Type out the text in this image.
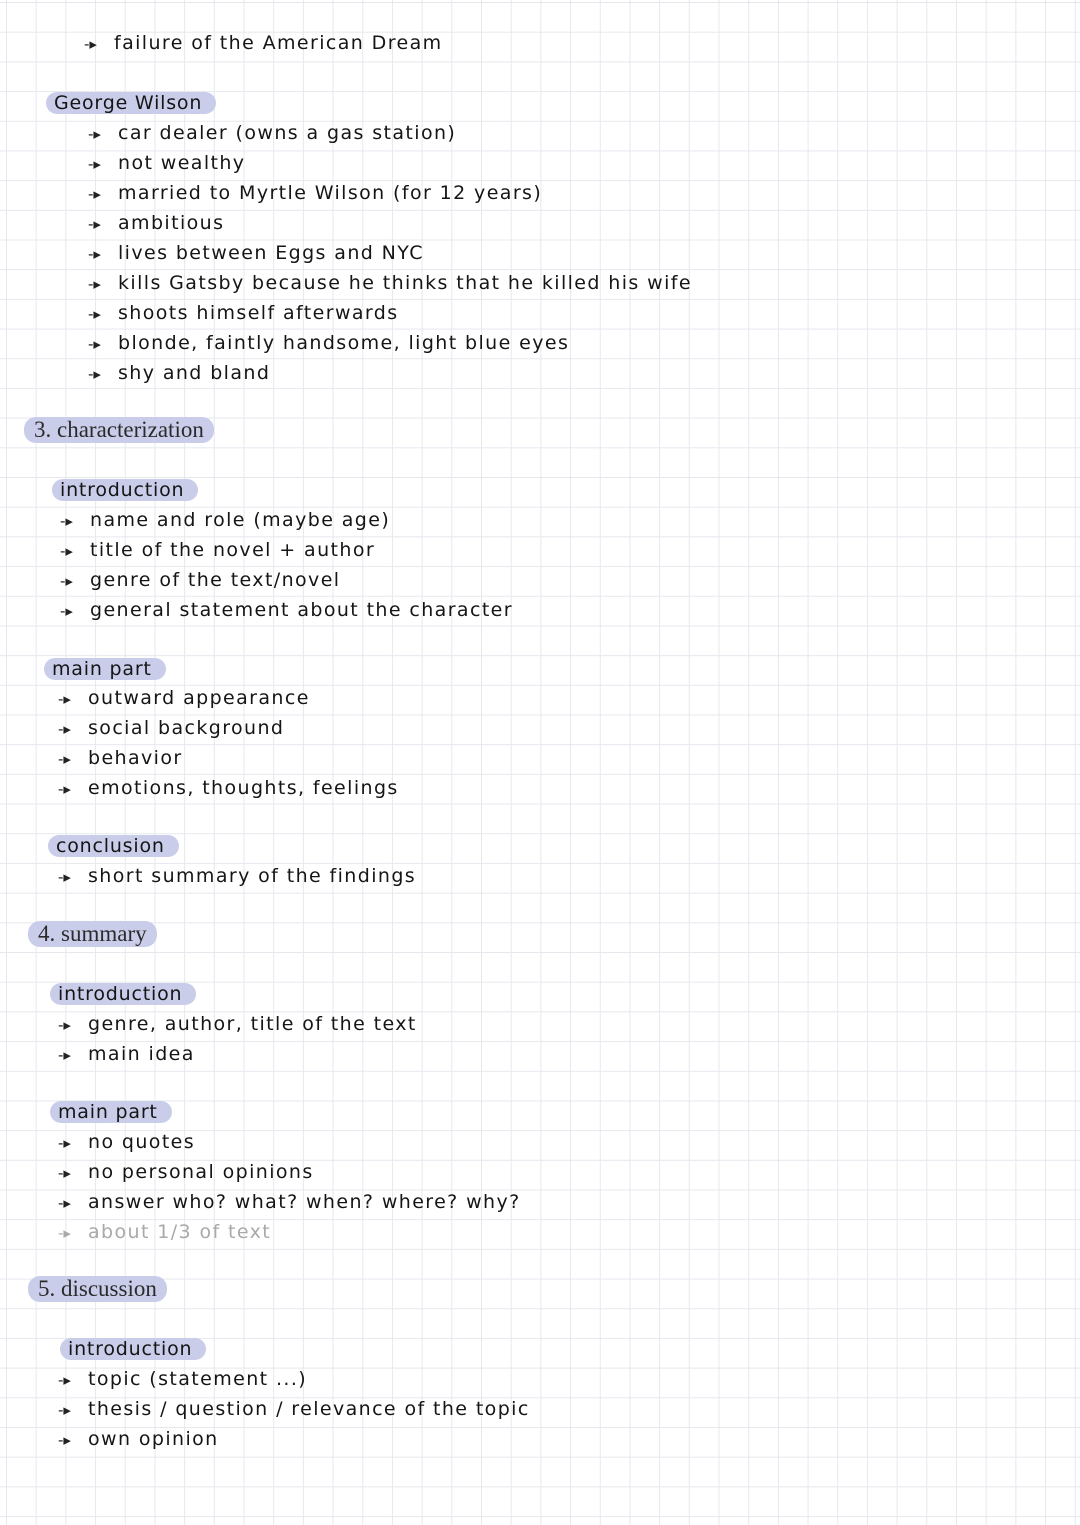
-▸ failure of the American Dream
George Wilson
-▸ car dealer (owns a gas station)
-▸ not wealthy
-▸ married to Myrtle Wilson (for 12 years)
-▸ ambitious
-▸ lives between Eggs and NYC
-▸ kills Gatsby because he thinks that he killed his wife
-▸ shoots himself afterwards
-▸ blonde, faintly handsome, light blue eyes
-▸ shy and bland
3. characterization
introduction
-▸ name and role (maybe age)
-▸ title of the novel + author
-▸ genre of the text/novel
-▸ general statement about the character
main part
-▸ outward appearance
-▸ social background
-▸ behavior
-▸ emotions, thoughts, feelings
conclusion
-▸ short summary of the findings
4. summary
introduction
-▸ genre, author, title of the text
-▸ main idea
main part
-▸ no quotes
-▸ no personal opinions
-▸ answer who? what? when? where? why?
-▸ about 1/3 of text
5. discussion
introduction
-▸ topic (statement ...)
-▸ thesis / question / relevance of the topic
-▸ own opinion
